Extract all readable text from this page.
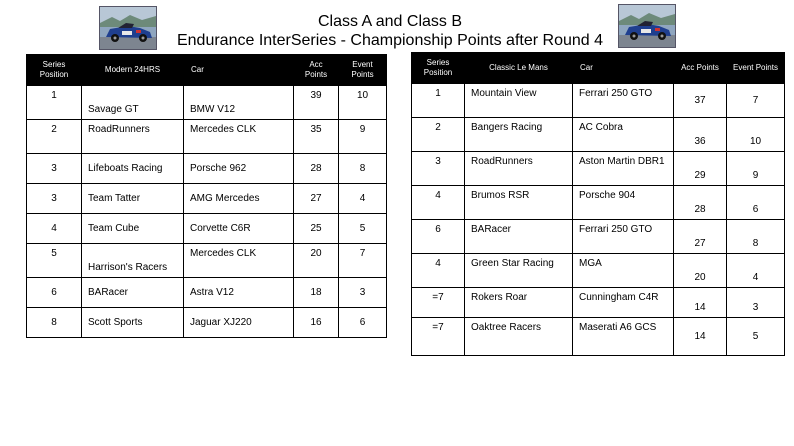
Class A and Class B
Endurance InterSeries - Championship Points after Round 4
Series Position	Modern 24HRS	Car	Acc Points	Event Points
1	Savage GT	BMW V12	39	10
2	RoadRunners	Mercedes CLK	35	9
3	Lifeboats Racing	Porsche 962	28	8
3	Team Tatter	AMG Mercedes	27	4
4	Team Cube	Corvette C6R	25	5
5	Harrison's Racers	Mercedes CLK	20	7
6	BARacer	Astra V12	18	3
8	Scott Sports	Jaguar XJ220	16	6
Series Position	Classic Le Mans	Car	Acc Points	Event Points
1	Mountain View	Ferrari 250 GTO	37	7
2	Bangers Racing	AC Cobra	36	10
3	RoadRunners	Aston Martin DBR1	29	9
4	Brumos RSR	Porsche 904	28	6
6	BARacer	Ferrari 250 GTO	27	8
4	Green Star Racing	MGA	20	4
=7	Rokers Roar	Cunningham C4R	14	3
=7	Oaktree Racers	Maserati A6 GCS	14	5
